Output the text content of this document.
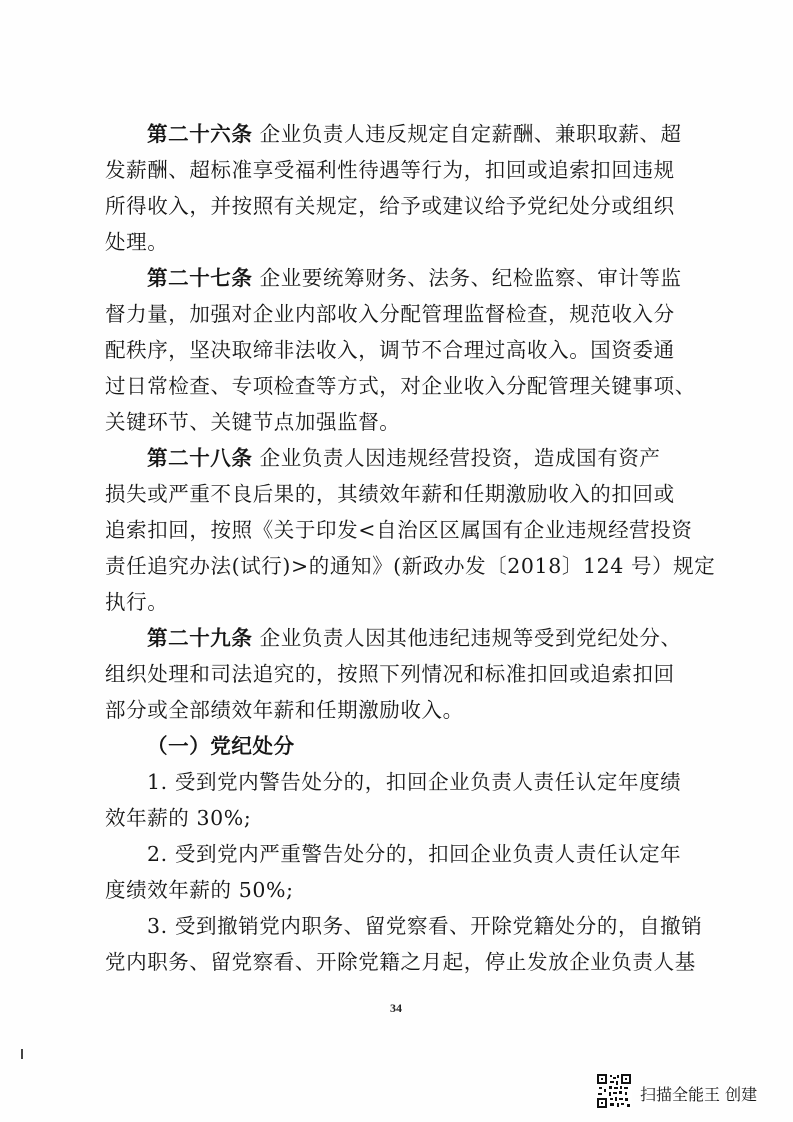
第二十六条 企业负责人违反规定自定薪酬、兼职取薪、超
发薪酬、超标准享受福利性待遇等行为，扣回或追索扣回违规
所得收入，并按照有关规定，给予或建议给予党纪处分或组织
处理。
第二十七条 企业要统筹财务、法务、纪检监察、审计等监
督力量，加强对企业内部收入分配管理监督检查，规范收入分
配秩序，坚决取缔非法收入，调节不合理过高收入。国资委通
过日常检查、专项检查等方式，对企业收入分配管理关键事项、
关键环节、关键节点加强监督。
第二十八条 企业负责人因违规经营投资，造成国有资产
损失或严重不良后果的，其绩效年薪和任期激励收入的扣回或
追索扣回，按照《关于印发<自治区区属国有企业违规经营投资
责任追究办法(试行)>的通知》(新政办发〔2018〕124 号）规定
执行。
第二十九条 企业负责人因其他违纪违规等受到党纪处分、
组织处理和司法追究的，按照下列情况和标准扣回或追索扣回
部分或全部绩效年薪和任期激励收入。
（一）党纪处分
1. 受到党内警告处分的，扣回企业负责人责任认定年度绩
效年薪的 30%;
2. 受到党内严重警告处分的，扣回企业负责人责任认定年
度绩效年薪的 50%;
3. 受到撤销党内职务、留党察看、开除党籍处分的，自撤销
党内职务、留党察看、开除党籍之月起，停止发放企业负责人基
34
扫描全能王 创建
